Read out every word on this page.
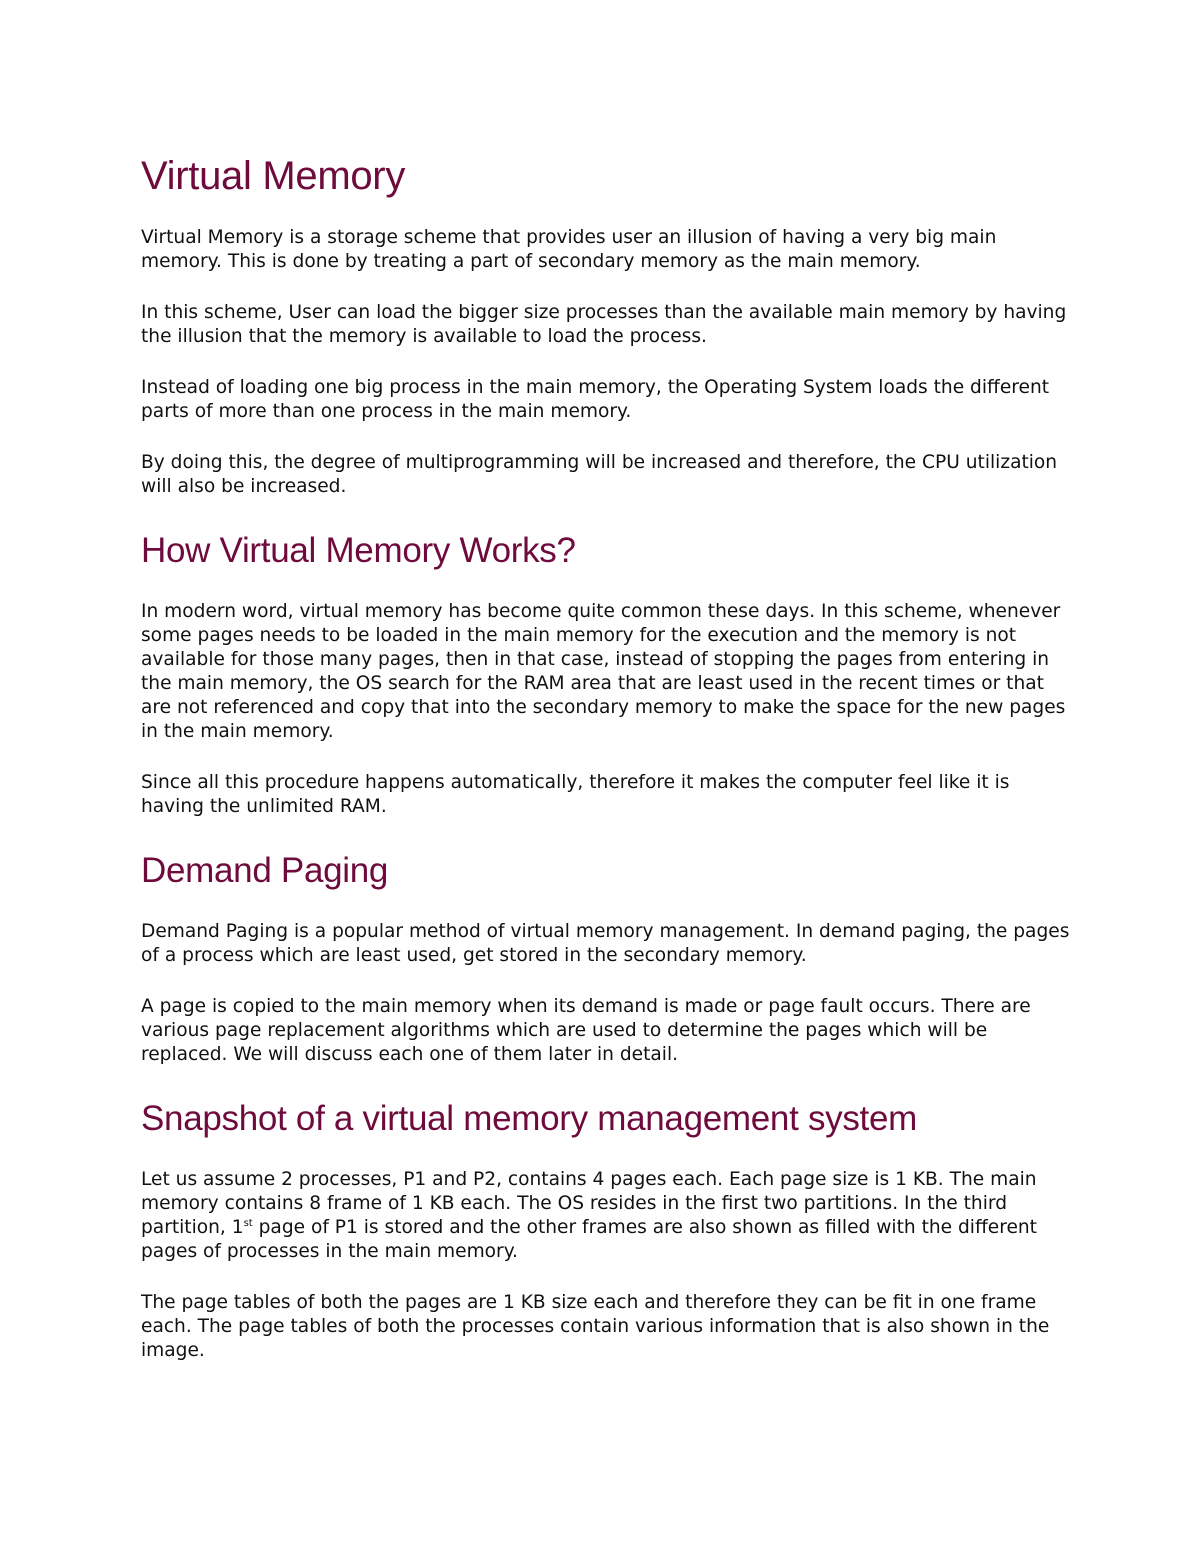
Virtual Memory

Virtual Memory is a storage scheme that provides user an illusion of having a very big main memory. This is done by treating a part of secondary memory as the main memory.

In this scheme, User can load the bigger size processes than the available main memory by having the illusion that the memory is available to load the process.

Instead of loading one big process in the main memory, the Operating System loads the different parts of more than one process in the main memory.

By doing this, the degree of multiprogramming will be increased and therefore, the CPU utilization will also be increased.

How Virtual Memory Works?

In modern word, virtual memory has become quite common these days. In this scheme, whenever some pages needs to be loaded in the main memory for the execution and the memory is not available for those many pages, then in that case, instead of stopping the pages from entering in the main memory, the OS search for the RAM area that are least used in the recent times or that are not referenced and copy that into the secondary memory to make the space for the new pages in the main memory.

Since all this procedure happens automatically, therefore it makes the computer feel like it is having the unlimited RAM.

Demand Paging

Demand Paging is a popular method of virtual memory management. In demand paging, the pages of a process which are least used, get stored in the secondary memory.

A page is copied to the main memory when its demand is made or page fault occurs. There are various page replacement algorithms which are used to determine the pages which will be replaced. We will discuss each one of them later in detail.

Snapshot of a virtual memory management system

Let us assume 2 processes, P1 and P2, contains 4 pages each. Each page size is 1 KB. The main memory contains 8 frame of 1 KB each. The OS resides in the first two partitions. In the third partition, 1st page of P1 is stored and the other frames are also shown as filled with the different pages of processes in the main memory.

The page tables of both the pages are 1 KB size each and therefore they can be fit in one frame each. The page tables of both the processes contain various information that is also shown in the image.
